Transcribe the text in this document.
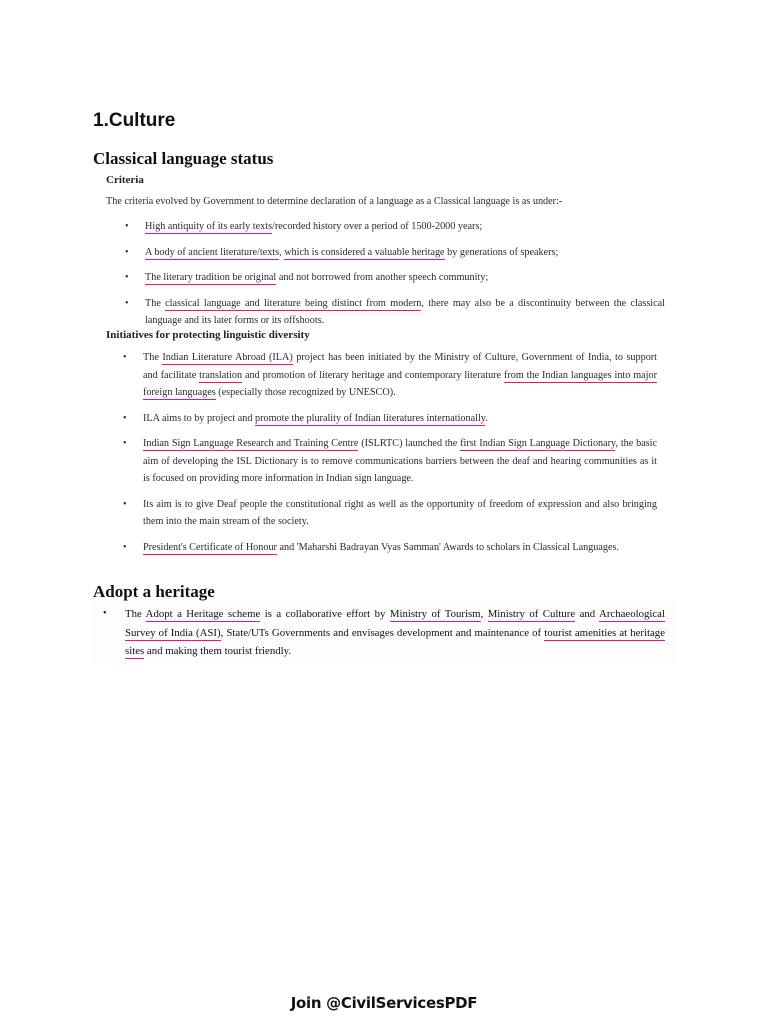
1.Culture
Classical language status
Criteria
The criteria evolved by Government to determine declaration of a language as a Classical language is as under:-
• High antiquity of its early texts/recorded history over a period of 1500-2000 years;
• A body of ancient literature/texts, which is considered a valuable heritage by generations of speakers;
• The literary tradition be original and not borrowed from another speech community;
• The classical language and literature being distinct from modern, there may also be a discontinuity between the classical language and its later forms or its offshoots.
Initiatives for protecting linguistic diversity
• The Indian Literature Abroad (ILA) project has been initiated by the Ministry of Culture, Government of India, to support and facilitate translation and promotion of literary heritage and contemporary literature from the Indian languages into major foreign languages (especially those recognized by UNESCO).
• ILA aims to by project and promote the plurality of Indian literatures internationally.
• Indian Sign Language Research and Training Centre (ISLRTC) launched the first Indian Sign Language Dictionary, the basic aim of developing the ISL Dictionary is to remove communications barriers between the deaf and hearing communities as it is focused on providing more information in Indian sign language.
• Its aim is to give Deaf people the constitutional right as well as the opportunity of freedom of expression and also bringing them into the main stream of the society.
• President's Certificate of Honour and 'Maharshi Badrayan Vyas Samman' Awards to scholars in Classical Languages.
Adopt a heritage
• The Adopt a Heritage scheme is a collaborative effort by Ministry of Tourism, Ministry of Culture and Archaeological Survey of India (ASI), State/UTs Governments and envisages development and maintenance of tourist amenities at heritage sites and making them tourist friendly.
Join @CivilServicesPDF
